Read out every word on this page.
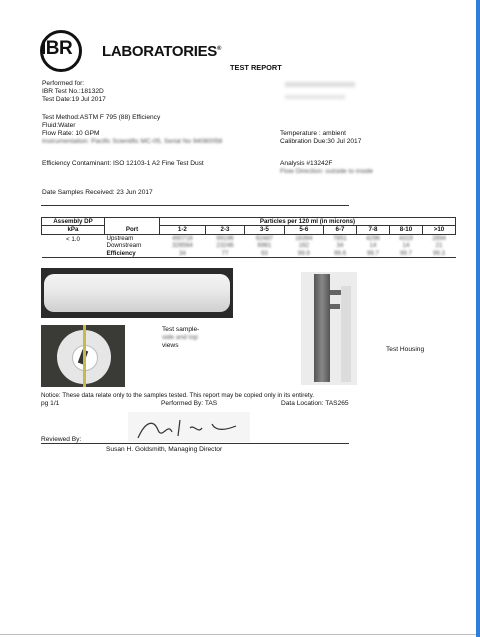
IBR	LABORATORIES®
TEST REPORT
Performed for:
IBR Test No.:18132D
Test Date:19 Jul 2017
Test Method:ASTM F 795 (88) Efficiency
Fluid:Water
Flow Rate: 10 GPM
Instrumentation: Pacific Scientific MC-05, Serial No 94080058
Temperature : ambient
Calibration Due:30 Jul 2017
Efficiency Contaminant: ISO 12103-1 A2 Fine Test Dust	Analysis #13242F
Flow Direction: outside to inside
Date Samples Received: 23 Jun 2017
Assembly DP		Particles per 120 ml (in microns)							
kPa	Port	1-2	2-3	3-5	5-6	6-7	7-8	8-10	>10
< 1.0	Upstream	490716	99196	92487	16394	7851	4296	4319	2894
	Downstream	326564	23246	6981	162	34	14	14	21
	Efficiency	34	77	93	99.9	99.6	99.7	99.7	99.3
Test sample-
side and top
views
Test Housing
Notice: These data relate only to the samples tested. This report may be copied only in its entirety.
pg 1/1	Performed By: TAS	Data Location: TAS265
Reviewed By:
Susan H. Goldsmith, Managing Director
